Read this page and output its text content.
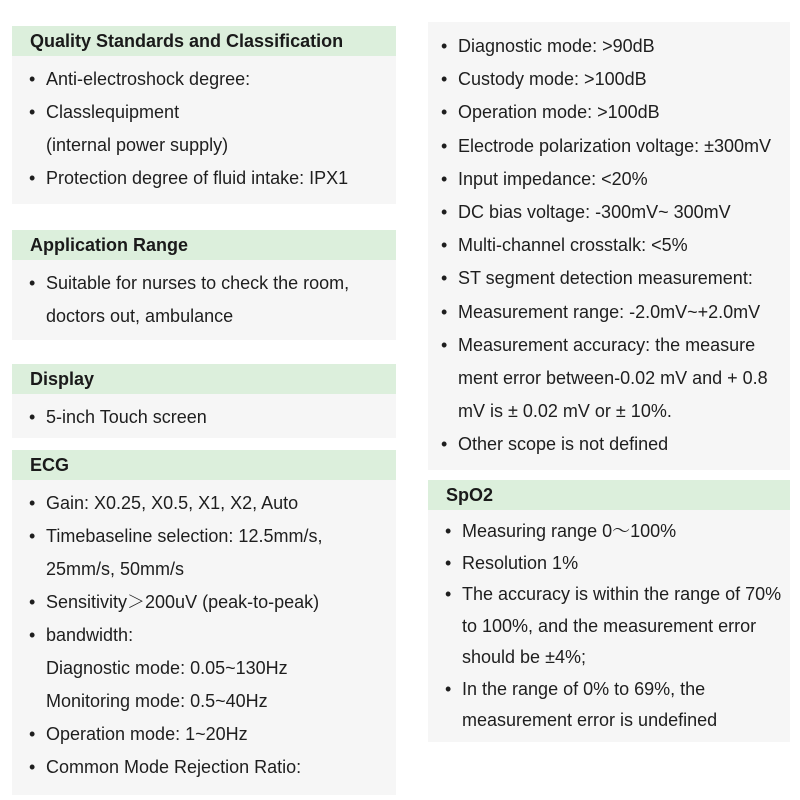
Quality Standards and Classification
• Anti-electroshock degree:
• Classlequipment
(internal power supply)
• Protection degree of fluid intake: IPX1
Application Range
• Suitable for nurses to check the room,
doctors out, ambulance
Display
• 5-inch Touch screen
ECG
• Gain: X0.25, X0.5, X1, X2, Auto
• Timebaseline selection: 12.5mm/s,
25mm/s, 50mm/s
• Sensitivity＞200uV (peak-to-peak)
• bandwidth:
Diagnostic mode: 0.05~130Hz
Monitoring mode: 0.5~40Hz
• Operation mode: 1~20Hz
• Common Mode Rejection Ratio:
• Diagnostic mode: >90dB
• Custody mode: >100dB
• Operation mode: >100dB
• Electrode polarization voltage: ±300mV
• Input impedance: <20%
• DC bias voltage: -300mV~ 300mV
• Multi-channel crosstalk: <5%
• ST segment detection measurement:
• Measurement range: -2.0mV~+2.0mV
• Measurement accuracy: the measure
ment error between-0.02 mV and + 0.8
mV is ± 0.02 mV or ± 10%.
• Other scope is not defined
SpO2
• Measuring range 0～100%
• Resolution 1%
• The accuracy is within the range of 70%
to 100%, and the measurement error
should be ±4%;
• In the range of 0% to 69%, the
measurement error is undefined
